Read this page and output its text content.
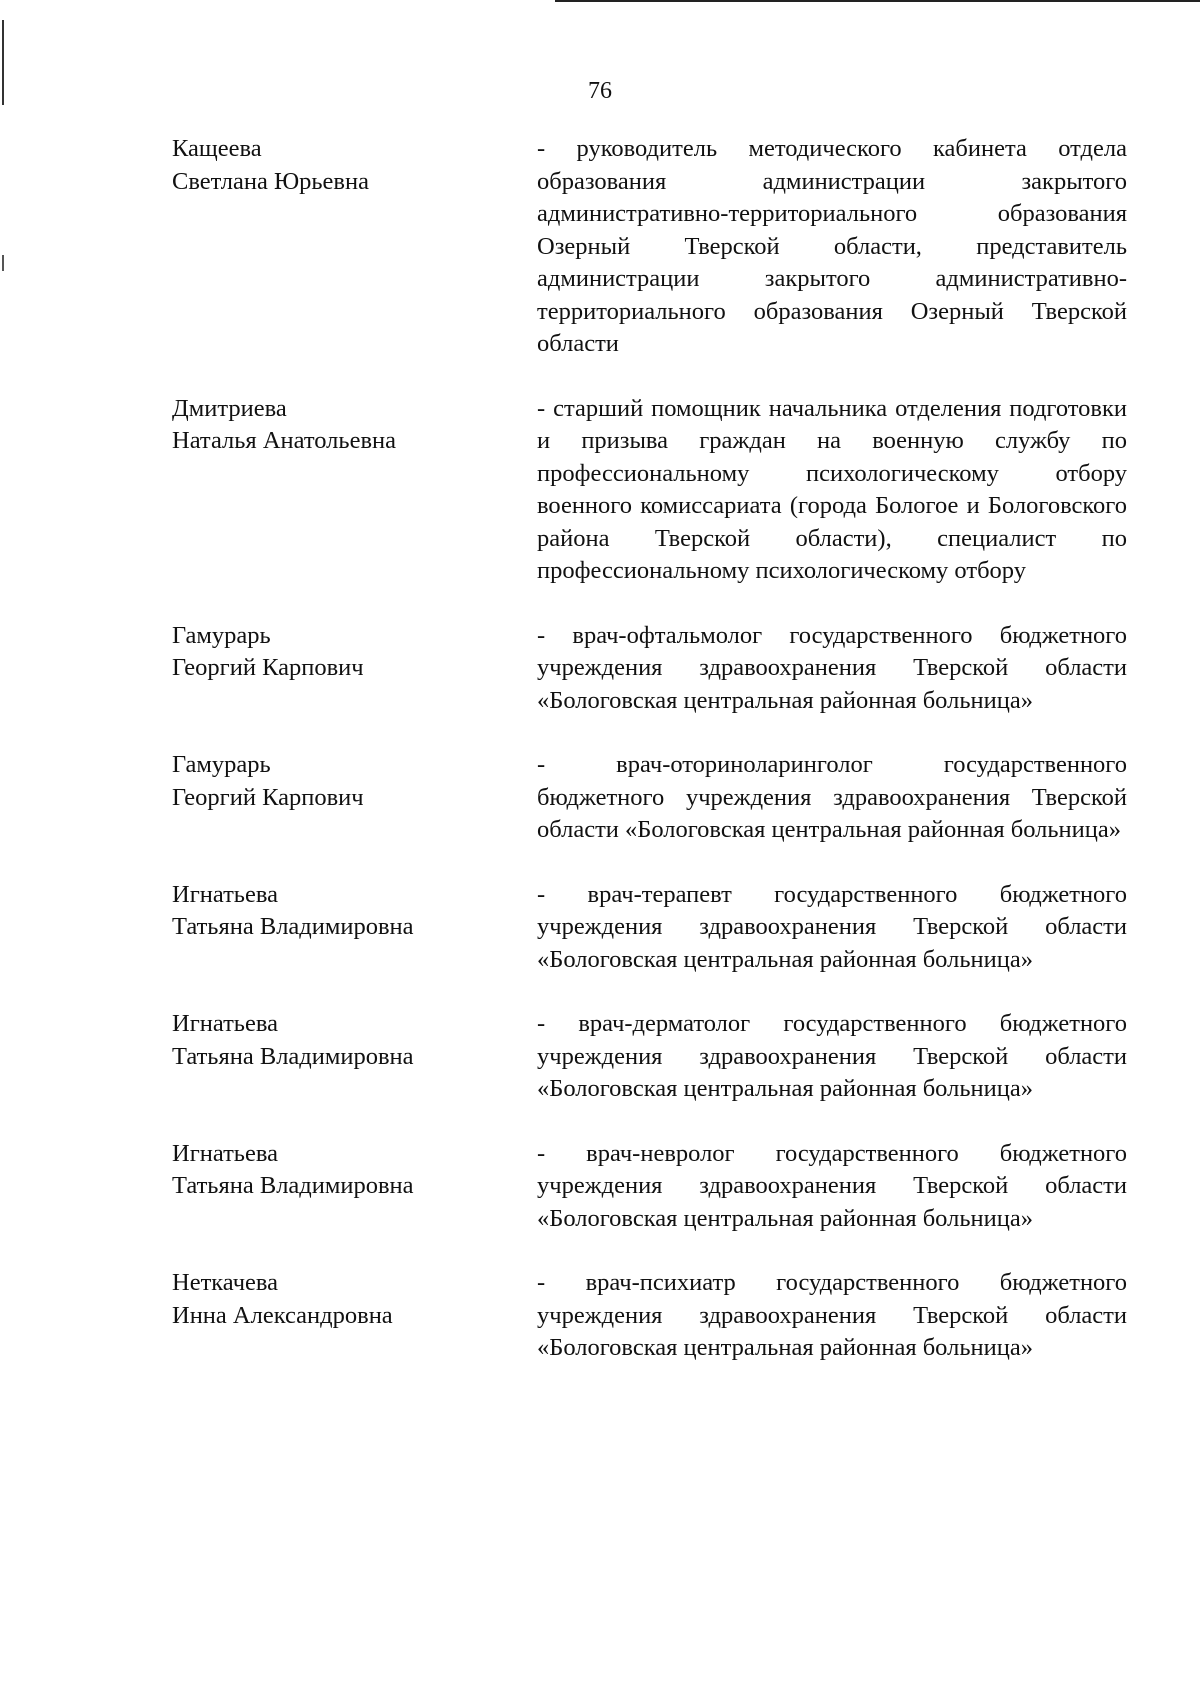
76
Кащеева
Светлана Юрьевна
- руководитель методического кабинета отдела образования администрации закрытого административно-территориального образования Озерный Тверской области, представитель администрации закрытого административно-территориального образования Озерный Тверской области
Дмитриева
Наталья Анатольевна
- старший помощник начальника отделения подготовки и призыва граждан на военную службу по профессиональному психологическому отбору военного комиссариата (города Бологое и Бологовского района Тверской области), специалист по профессиональному психологическому отбору
Гамурарь
Георгий Карпович
- врач-офтальмолог государственного бюджетного учреждения здравоохранения Тверской области «Бологовская центральная районная больница»
Гамурарь
Георгий Карпович
- врач-оториноларинголог государственного бюджетного учреждения здравоохранения Тверской области «Бологовская центральная районная больница»
Игнатьева
Татьяна Владимировна
- врач-терапевт государственного бюджетного учреждения здравоохранения Тверской области «Бологовская центральная районная больница»
Игнатьева
Татьяна Владимировна
- врач-дерматолог государственного бюджетного учреждения здравоохранения Тверской области «Бологовская центральная районная больница»
Игнатьева
Татьяна Владимировна
- врач-невролог государственного бюджетного учреждения здравоохранения Тверской области «Бологовская центральная районная больница»
Неткачева
Инна Александровна
- врач-психиатр государственного бюджетного учреждения здравоохранения Тверской области «Бологовская центральная районная больница»
